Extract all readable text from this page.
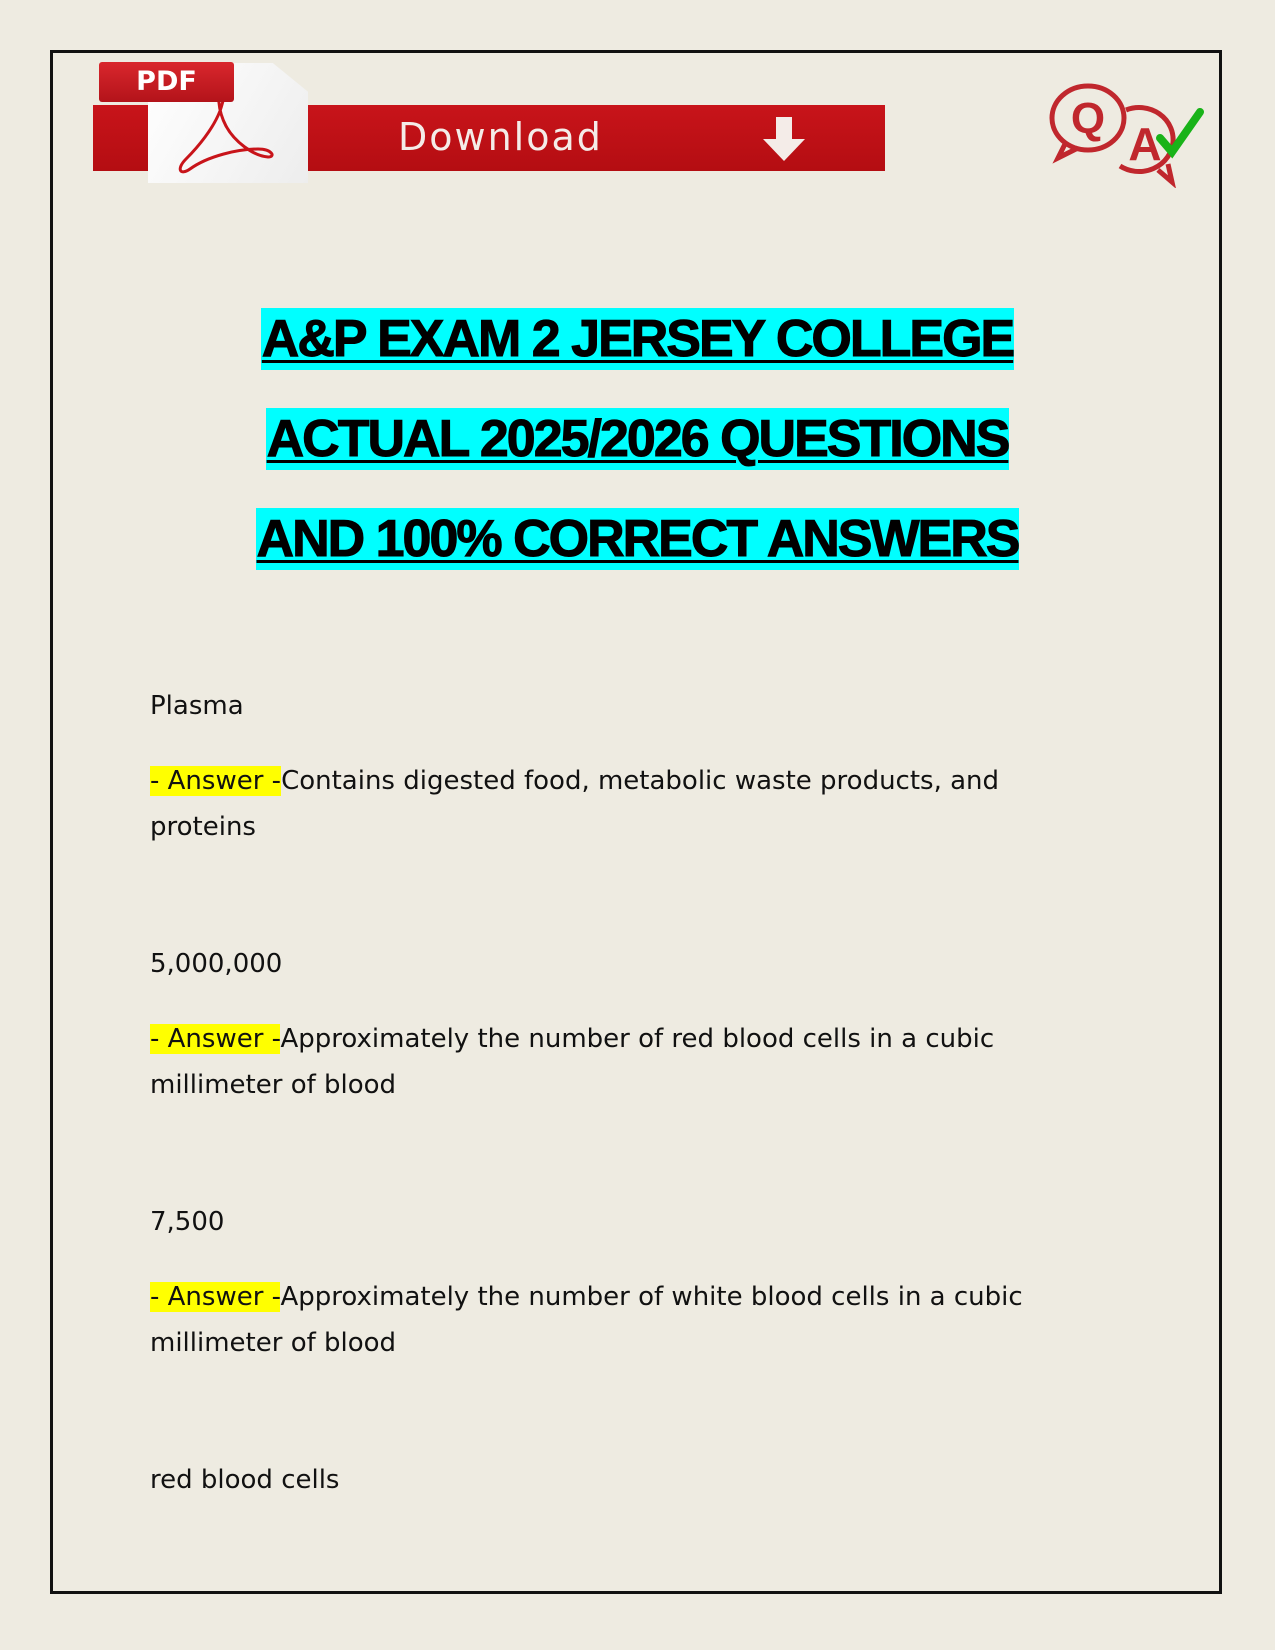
Download
PDF
Q A
A&P EXAM 2 JERSEY COLLEGE
ACTUAL 2025/2026 QUESTIONS
AND 100% CORRECT ANSWERS
Plasma
- Answer -Contains digested food, metabolic waste products, and proteins
5,000,000
- Answer -Approximately the number of red blood cells in a cubic millimeter of blood
7,500
- Answer -Approximately the number of white blood cells in a cubic millimeter of blood
red blood cells
